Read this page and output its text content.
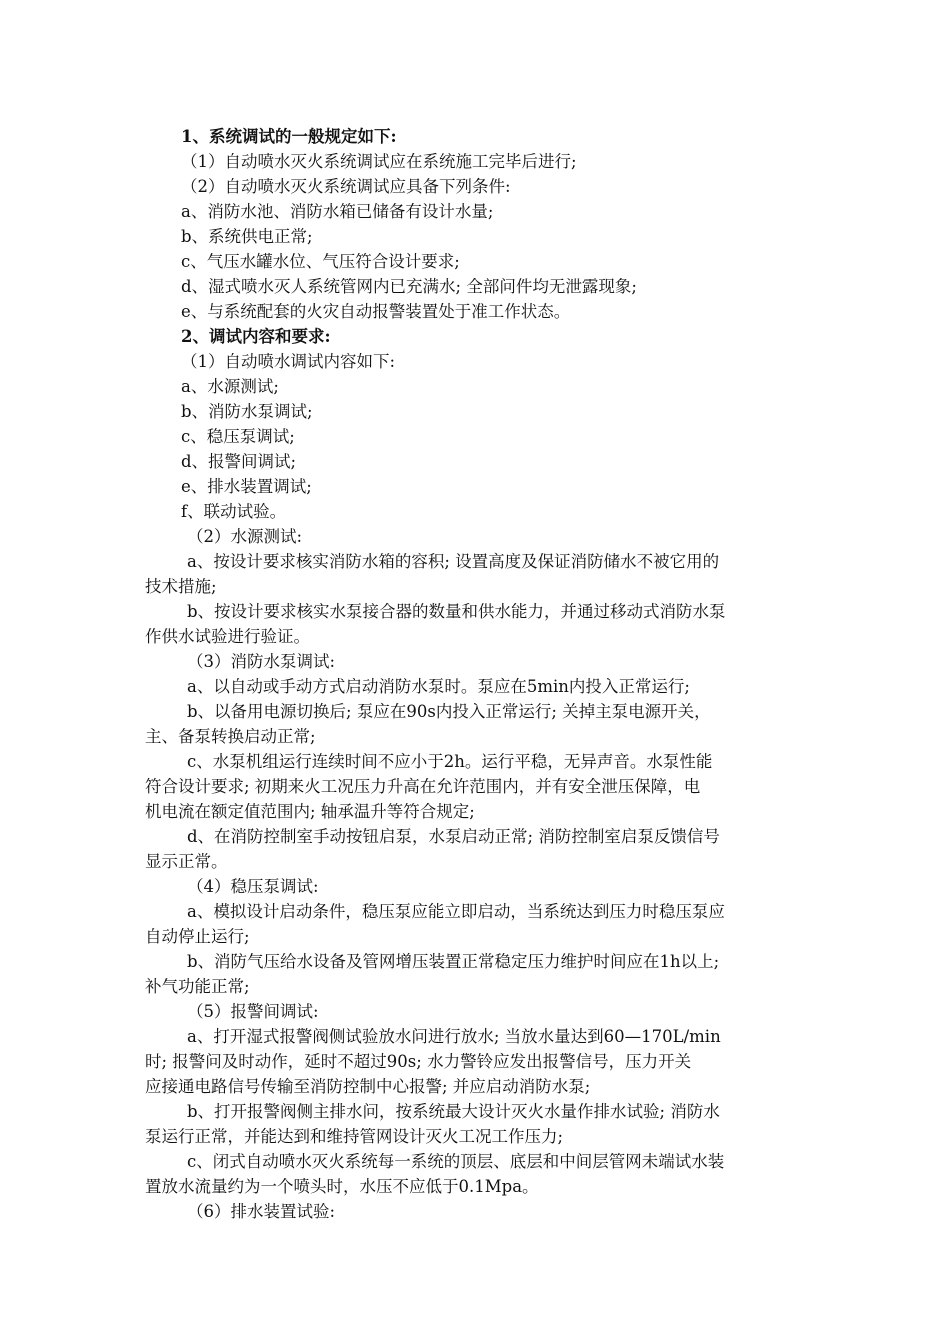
1、系统调试的一般规定如下:
（1）自动喷水灭火系统调试应在系统施工完毕后进行;
（2）自动喷水灭火系统调试应具备下列条件:
a、消防水池、消防水箱已储备有设计水量;
b、系统供电正常;
c、气压水罐水位、气压符合设计要求;
d、湿式喷水灭人系统管网内已充满水; 全部问件均无泄露现象;
e、与系统配套的火灾自动报警装置处于准工作状态。
2、调试内容和要求:
（1）自动喷水调试内容如下:
a、水源测试;
b、消防水泵调试;
c、稳压泵调试;
d、报警间调试;
e、排水装置调试;
f、联动试验。
（2）水源测试:
a、按设计要求核实消防水箱的容积; 设置高度及保证消防储水不被它用的
技术措施;
b、按设计要求核实水泵接合器的数量和供水能力，并通过移动式消防水泵
作供水试验进行验证。
（3）消防水泵调试:
a、以自动或手动方式启动消防水泵时。泵应在5min内投入正常运行;
b、以备用电源切换后; 泵应在90s内投入正常运行; 关掉主泵电源开关，
主、备泵转换启动正常;
c、水泵机组运行连续时间不应小于2h。运行平稳，无异声音。水泵性能
符合设计要求; 初期来火工况压力升高在允许范围内，并有安全泄压保障，电
机电流在额定值范围内; 轴承温升等符合规定;
d、在消防控制室手动按钮启泵，水泵启动正常; 消防控制室启泵反馈信号
显示正常。
（4）稳压泵调试:
a、模拟设计启动条件，稳压泵应能立即启动，当系统达到压力时稳压泵应
自动停止运行;
b、消防气压给水设备及管网增压装置正常稳定压力维护时间应在1h以上;
补气功能正常;
（5）报警间调试:
a、打开湿式报警阀侧试验放水问进行放水; 当放水量达到60—170L/min
时; 报警问及时动作，延时不超过90s; 水力警铃应发出报警信号，压力开关
应接通电路信号传输至消防控制中心报警; 并应启动消防水泵;
b、打开报警阀侧主排水问，按系统最大设计灭火水量作排水试验; 消防水
泵运行正常，并能达到和维持管网设计灭火工况工作压力;
c、闭式自动喷水灭火系统每一系统的顶层、底层和中间层管网未端试水装
置放水流量约为一个喷头时，水压不应低于0.1Mpa。
（6）排水装置试验:
